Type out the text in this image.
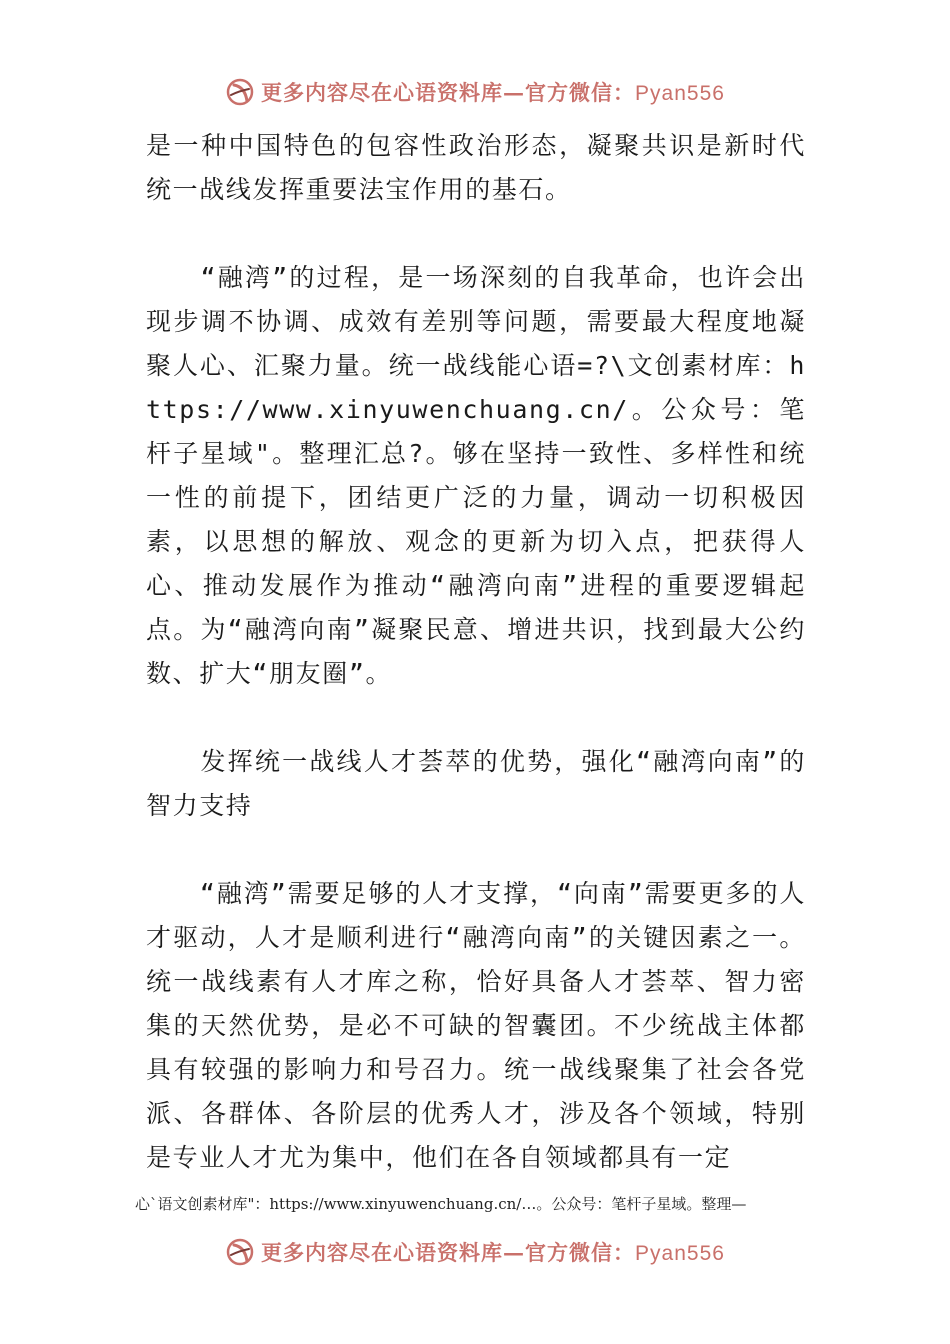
更多内容尽在心语资料库—官方微信：Pyan556

是一种中国特色的包容性政治形态，凝聚共识是新时代统一战线发挥重要法宝作用的基石。

　　“融湾”的过程，是一场深刻的自我革命，也许会出现步调不协调、成效有差别等问题，需要最大程度地凝聚人心、汇聚力量。统一战线能心语=?\文创素材库：https://www.xinyuwenchuang.cn/。公众号：笔杆子星域"。整理汇总?。够在坚持一致性、多样性和统一性的前提下，团结更广泛的力量，调动一切积极因素，以思想的解放、观念的更新为切入点，把获得人心、推动发展作为推动“融湾向南”进程的重要逻辑起点。为“融湾向南”凝聚民意、增进共识，找到最大公约数、扩大“朋友圈”。

　　发挥统一战线人才荟萃的优势，强化“融湾向南”的智力支持

　　“融湾”需要足够的人才支撑，“向南”需要更多的人才驱动，人才是顺利进行“融湾向南”的关键因素之一。统一战线素有人才库之称，恰好具备人才荟萃、智力密集的天然优势，是必不可缺的智囊团。不少统战主体都具有较强的影响力和号召力。统一战线聚集了社会各党派、各群体、各阶层的优秀人才，涉及各个领域，特别是专业人才尤为集中，他们在各自领域都具有一定

心`语文创素材库"：https://www.xinyuwenchuang.cn/…。公众号：笔杆子星域。整理—
更多内容尽在心语资料库—官方微信：Pyan556
